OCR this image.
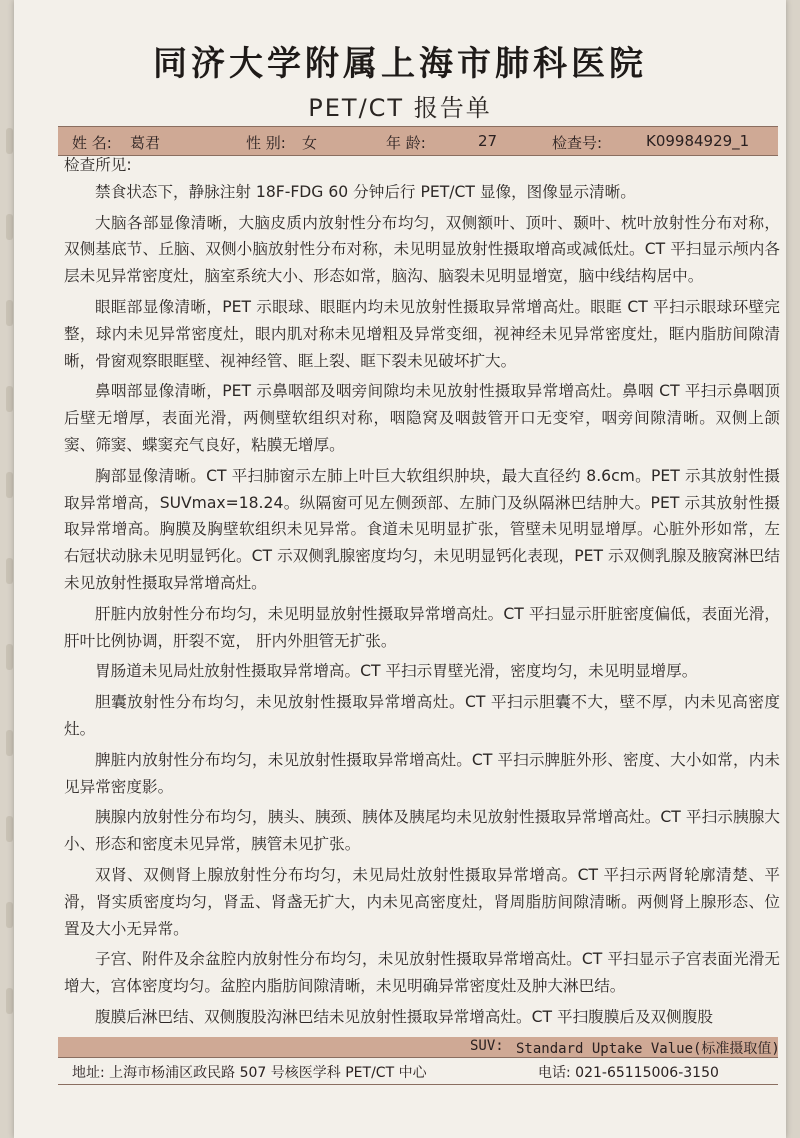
同济大学附属上海市肺科医院
PET/CT 报告单
姓 名: 葛君	性 别: 女	年 龄:	27	检查号:	K09984929_1
检查所见:

禁食状态下，静脉注射 18F-FDG 60 分钟后行 PET/CT 显像，图像显示清晰。

大脑各部显像清晰，大脑皮质内放射性分布均匀，双侧额叶、顶叶、颞叶、枕叶放射性分布对称，双侧基底节、丘脑、双侧小脑放射性分布对称，未见明显放射性摄取增高或减低灶。CT 平扫显示颅内各层未见异常密度灶，脑室系统大小、形态如常，脑沟、脑裂未见明显增宽，脑中线结构居中。

眼眶部显像清晰，PET 示眼球、眼眶内均未见放射性摄取异常增高灶。眼眶 CT 平扫示眼球环壁完整，球内未见异常密度灶，眼内肌对称未见增粗及异常变细，视神经未见异常密度灶，眶内脂肪间隙清晰，骨窗观察眼眶壁、视神经管、眶上裂、眶下裂未见破坏扩大。

鼻咽部显像清晰，PET 示鼻咽部及咽旁间隙均未见放射性摄取异常增高灶。鼻咽 CT 平扫示鼻咽顶后壁无增厚，表面光滑，两侧壁软组织对称，咽隐窝及咽鼓管开口无变窄，咽旁间隙清晰。双侧上颌窦、筛窦、蝶窦充气良好，粘膜无增厚。

胸部显像清晰。CT 平扫肺窗示左肺上叶巨大软组织肿块，最大直径约 8.6cm。PET 示其放射性摄取异常增高，SUVmax=18.24。纵隔窗可见左侧颈部、左肺门及纵隔淋巴结肿大。PET 示其放射性摄取异常增高。胸膜及胸壁软组织未见异常。食道未见明显扩张，管壁未见明显增厚。心脏外形如常，左右冠状动脉未见明显钙化。CT 示双侧乳腺密度均匀，未见明显钙化表现，PET 示双侧乳腺及腋窝淋巴结未见放射性摄取异常增高灶。

肝脏内放射性分布均匀，未见明显放射性摄取异常增高灶。CT 平扫显示肝脏密度偏低，表面光滑，肝叶比例协调，肝裂不宽， 肝内外胆管无扩张。

胃肠道未见局灶放射性摄取异常增高。CT 平扫示胃壁光滑，密度均匀，未见明显增厚。

胆囊放射性分布均匀，未见放射性摄取异常增高灶。CT 平扫示胆囊不大，壁不厚，内未见高密度灶。

脾脏内放射性分布均匀，未见放射性摄取异常增高灶。CT 平扫示脾脏外形、密度、大小如常，内未见异常密度影。

胰腺内放射性分布均匀，胰头、胰颈、胰体及胰尾均未见放射性摄取异常增高灶。CT 平扫示胰腺大小、形态和密度未见异常，胰管未见扩张。

双肾、双侧肾上腺放射性分布均匀，未见局灶放射性摄取异常增高。CT 平扫示两肾轮廓清楚、平滑，肾实质密度均匀，肾盂、肾盏无扩大，内未见高密度灶，肾周脂肪间隙清晰。两侧肾上腺形态、位置及大小无异常。

子宫、附件及余盆腔内放射性分布均匀，未见放射性摄取异常增高灶。CT 平扫显示子宫表面光滑无增大，宫体密度均匀。盆腔内脂肪间隙清晰，未见明确异常密度灶及肿大淋巴结。

腹膜后淋巴结、双侧腹股沟淋巴结未见放射性摄取异常增高灶。CT 平扫腹膜后及双侧腹股

SUV: Standard Uptake Value(标准摄取值)
地址: 上海市杨浦区政民路 507 号核医学科 PET/CT 中心	电话: 021-65115006-3150
